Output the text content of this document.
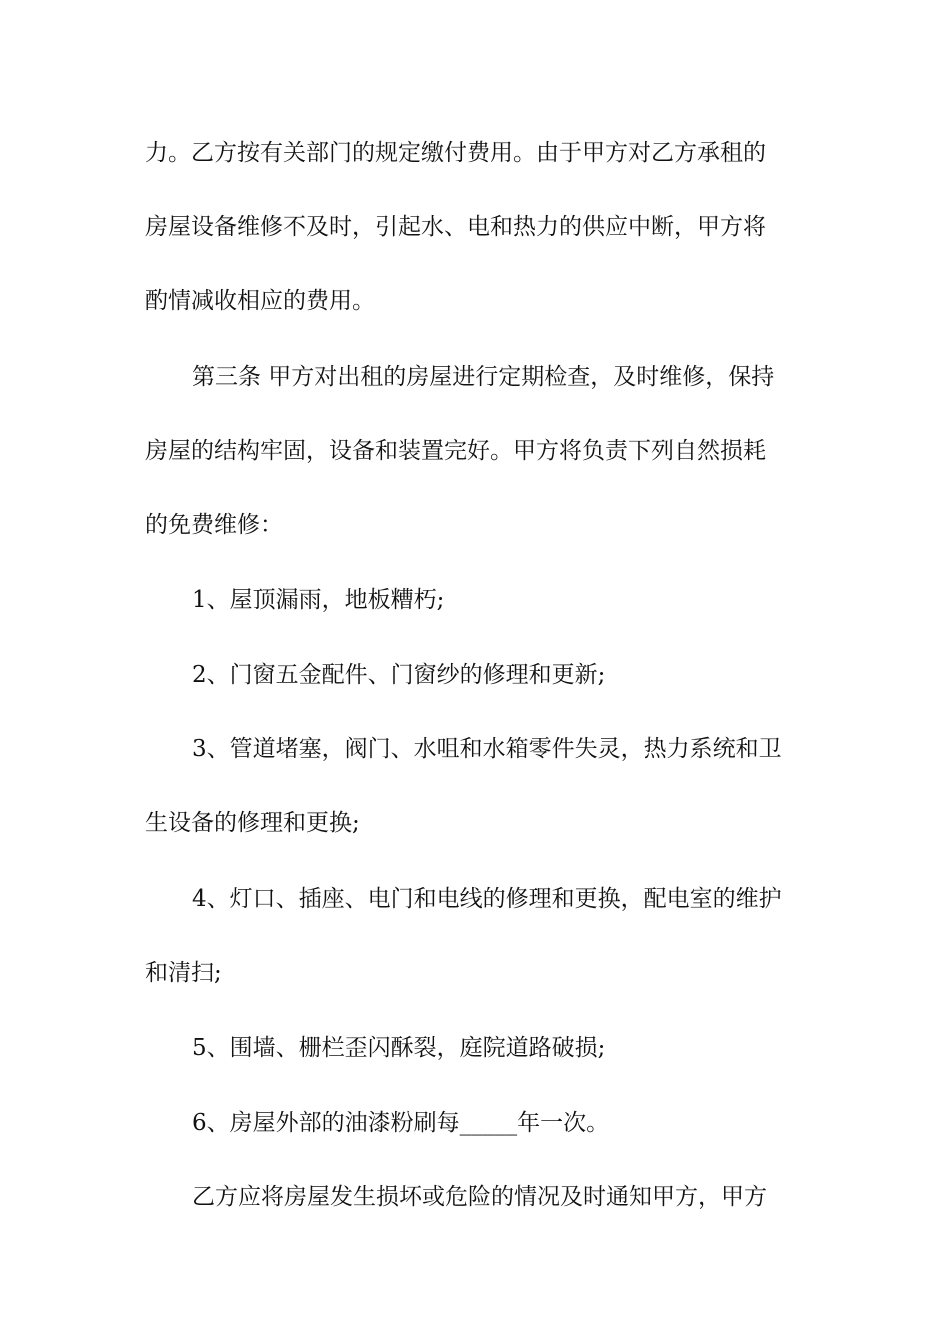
力。乙方按有关部门的规定缴付费用。由于甲方对乙方承租的
房屋设备维修不及时，引起水、电和热力的供应中断，甲方将
酌情减收相应的费用。
第三条 甲方对出租的房屋进行定期检查，及时维修，保持
房屋的结构牢固，设备和装置完好。甲方将负责下列自然损耗
的免费维修：
1、屋顶漏雨，地板糟朽;
2、门窗五金配件、门窗纱的修理和更新;
3、管道堵塞，阀门、水咀和水箱零件失灵，热力系统和卫
生设备的修理和更换;
4、灯口、插座、电门和电线的修理和更换，配电室的维护
和清扫;
5、围墙、栅栏歪闪酥裂，庭院道路破损;
6、房屋外部的油漆粉刷每_____年一次。
乙方应将房屋发生损坏或危险的情况及时通知甲方，甲方
